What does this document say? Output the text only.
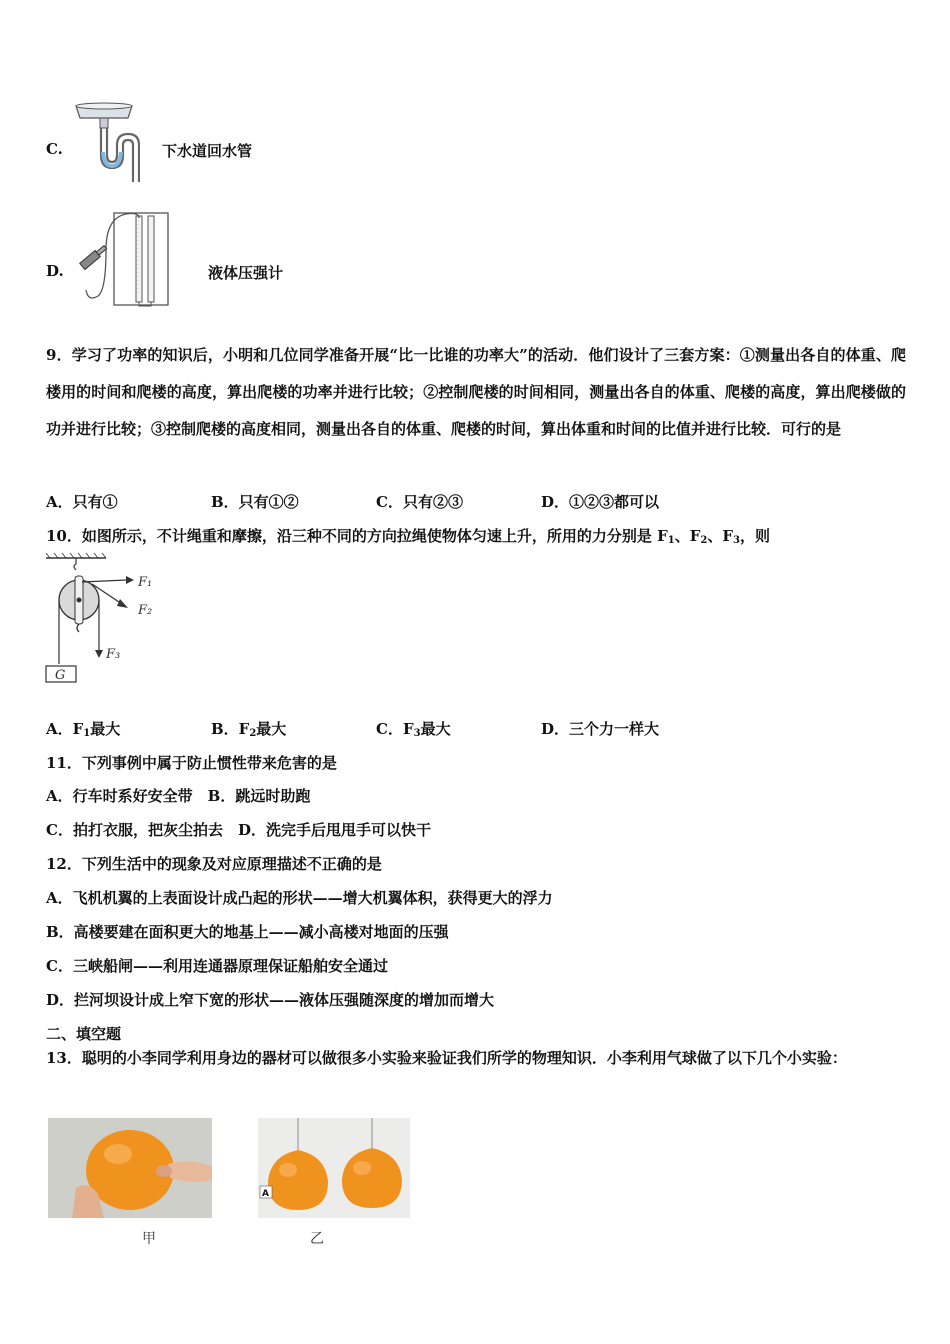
C.	下水道回水管
D.	液体压强计
9．学习了功率的知识后，小明和几位同学准备开展“比一比谁的功率大”的活动．他们设计了三套方案：①测量出各自的体重、爬楼用的时间和爬楼的高度，算出爬楼的功率并进行比较；②控制爬楼的时间相同，测量出各自的体重、爬楼的高度，算出爬楼做的功并进行比较；③控制爬楼的高度相同，测量出各自的体重、爬楼的时间，算出体重和时间的比值并进行比较．可行的是
A．只有①	B．只有①②	C．只有②③	D．①②③都可以
10．如图所示，不计绳重和摩擦，沿三种不同的方向拉绳使物体匀速上升，所用的力分别是 $F_1$、$F_2$、$F_3$，则
F₁
F₂
F₃
G
A．$F_1$最大	B．$F_2$最大	C．$F_3$最大	D．三个力一样大
11．下列事例中属于防止惯性带来危害的是
A．行车时系好安全带　B．跳远时助跑
C．拍打衣服，把灰尘拍去　D．洗完手后甩甩手可以快干
12．下列生活中的现象及对应原理描述不正确的是
A．飞机机翼的上表面设计成凸起的形状——增大机翼体积，获得更大的浮力
B．高楼要建在面积更大的地基上——减小高楼对地面的压强
C．三峡船闸——利用连通器原理保证船舶安全通过
D．拦河坝设计成上窄下宽的形状——液体压强随深度的增加而增大
二、填空题
13．聪明的小李同学利用身边的器材可以做很多小实验来验证我们所学的物理知识．小李利用气球做了以下几个小实验：
甲
A
乙
